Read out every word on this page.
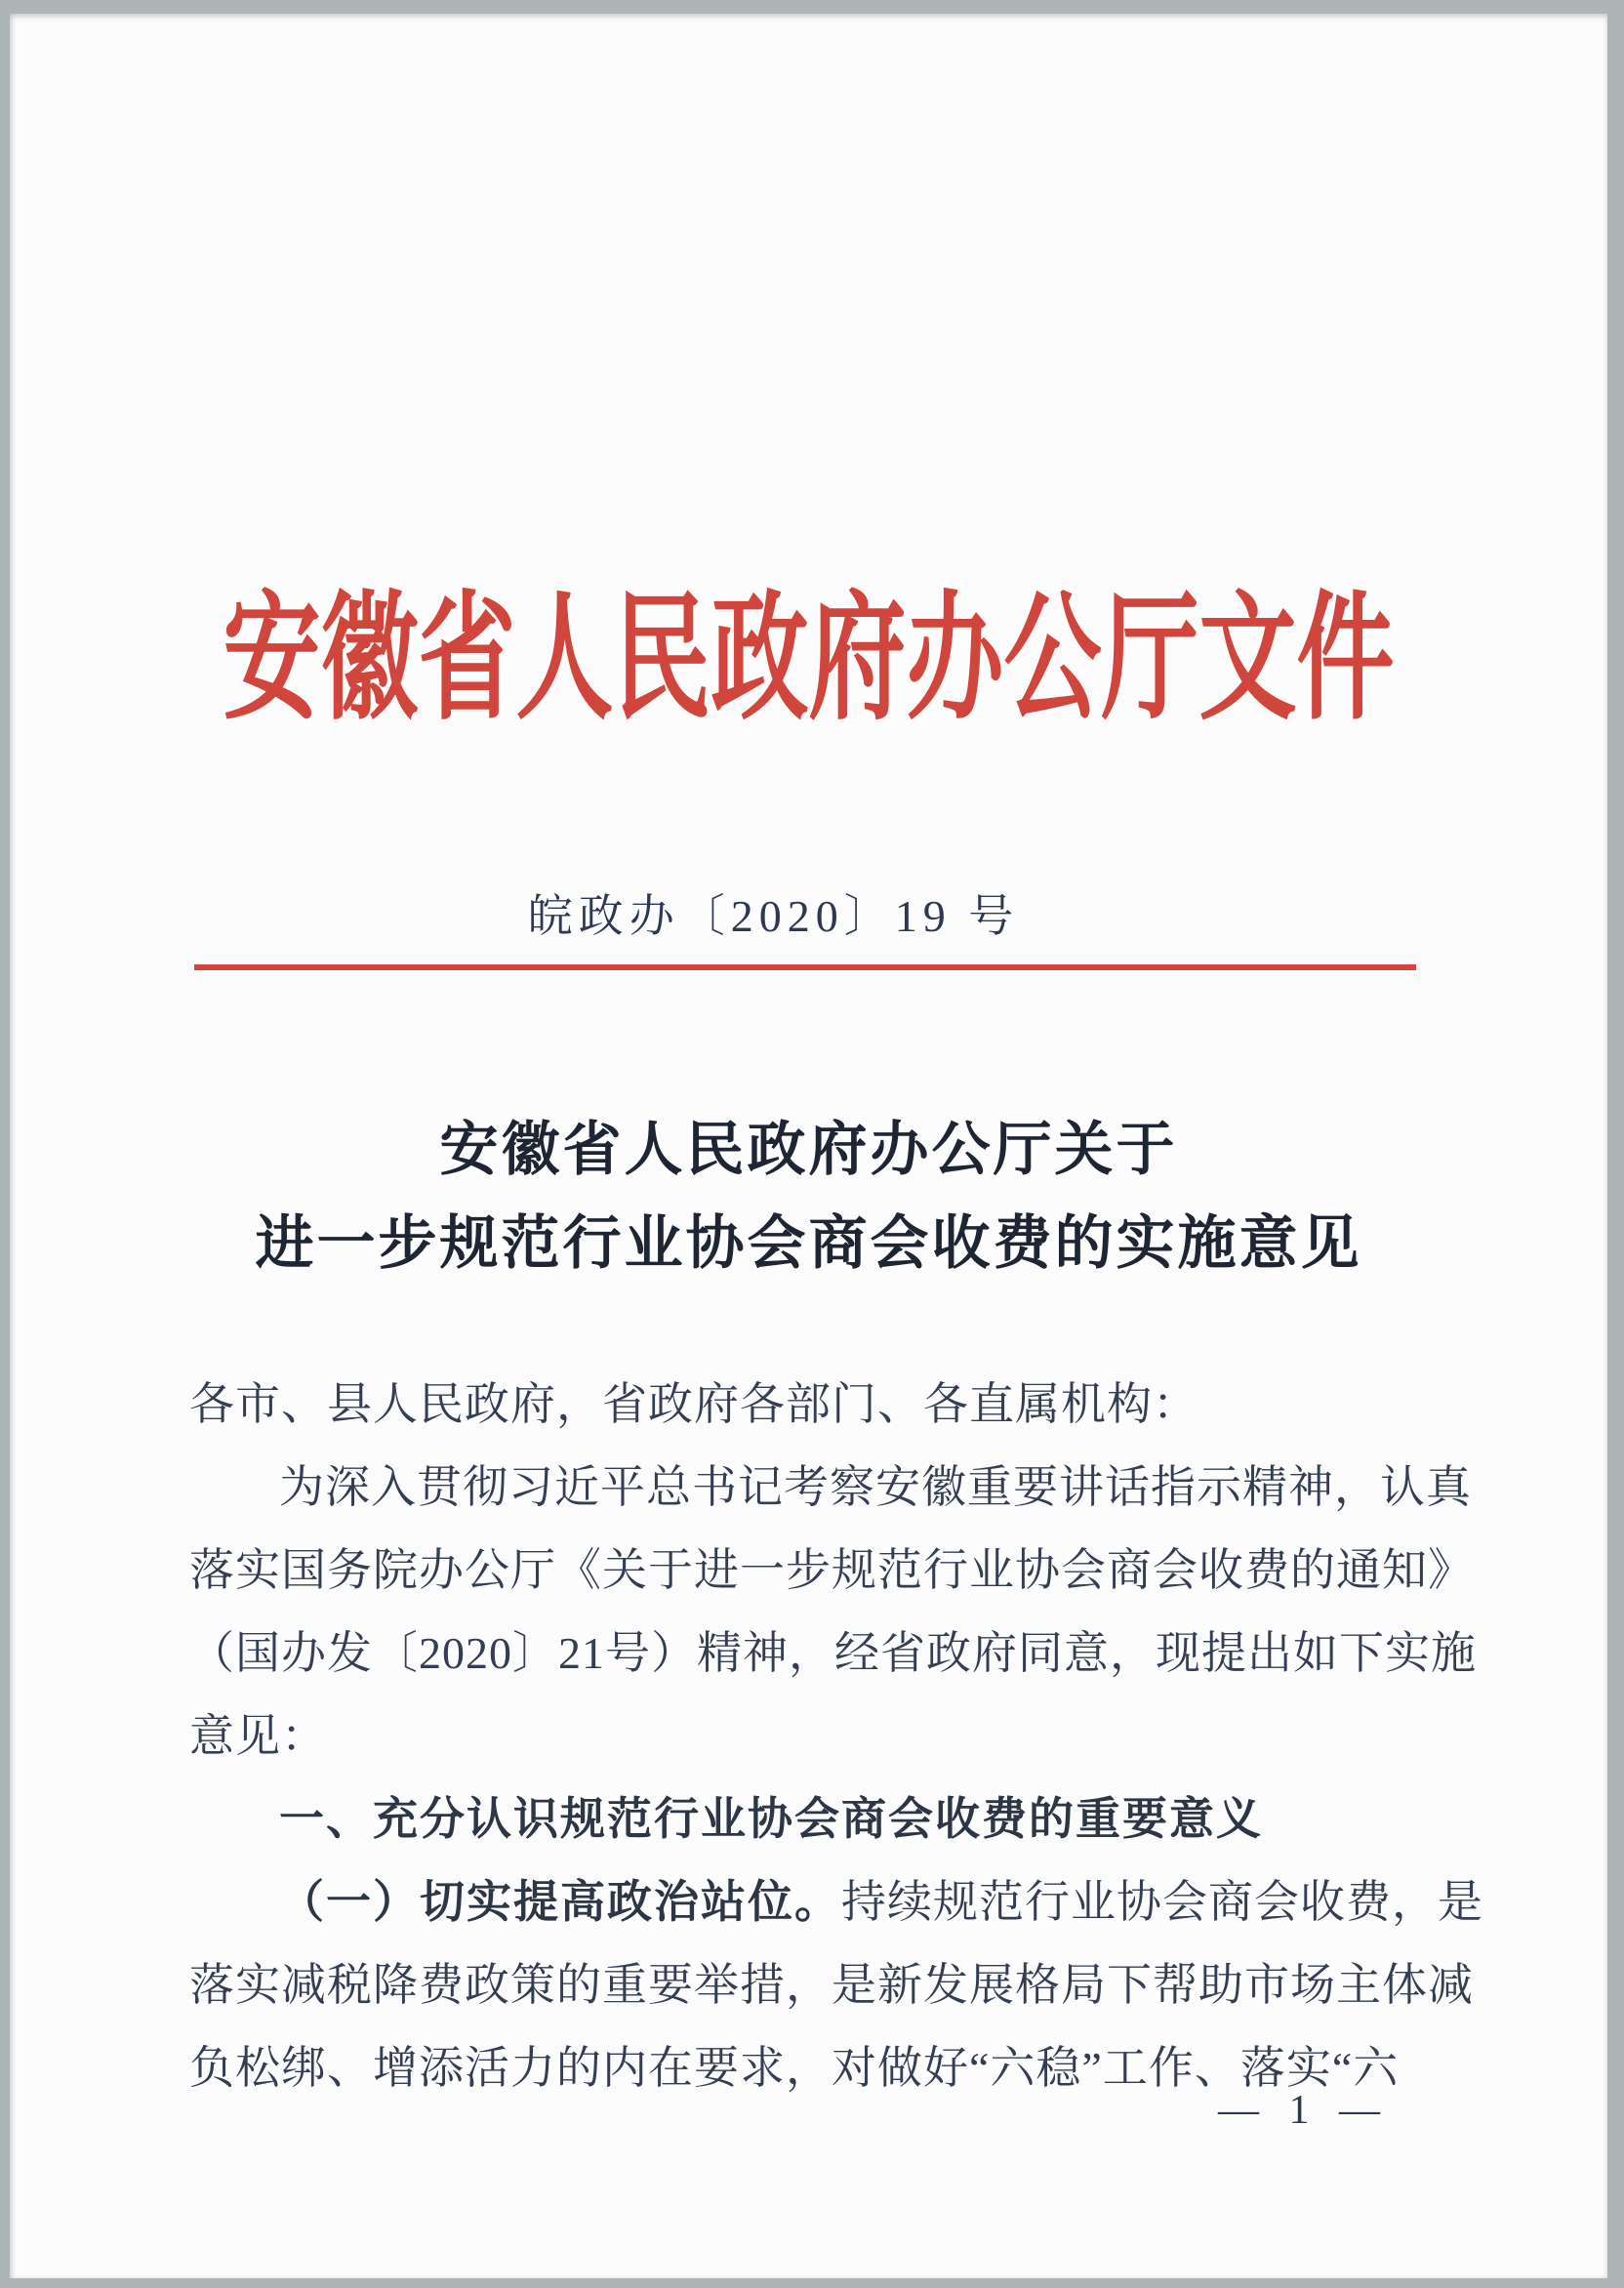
安徽省人民政府办公厅文件
皖政办〔2020〕19 号
安徽省人民政府办公厅关于
进一步规范行业协会商会收费的实施意见
各市、县人民政府，省政府各部门、各直属机构：
为深入贯彻习近平总书记考察安徽重要讲话指示精神，认真
落实国务院办公厅《关于进一步规范行业协会商会收费的通知》
（国办发〔2020〕21号）精神，经省政府同意，现提出如下实施
意见：
一、充分认识规范行业协会商会收费的重要意义
（一）切实提高政治站位。持续规范行业协会商会收费，是
落实减税降费政策的重要举措，是新发展格局下帮助市场主体减
负松绑、增添活力的内在要求，对做好“六稳”工作、落实“六
— 1 —
